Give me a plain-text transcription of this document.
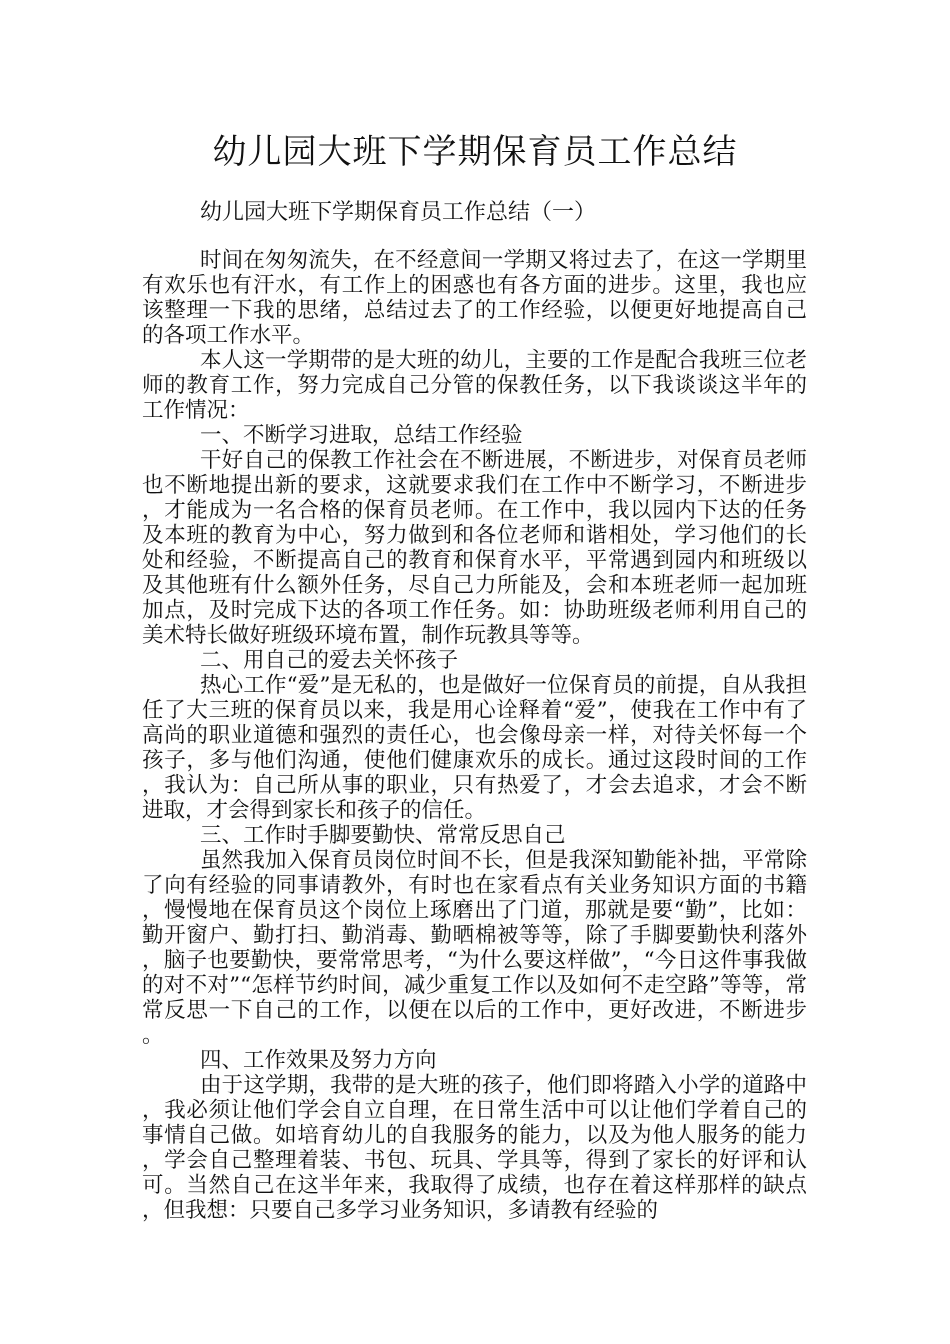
幼儿园大班下学期保育员工作总结
幼儿园大班下学期保育员工作总结（一）

时间在匆匆流失，在不经意间一学期又将过去了，在这一学期里有欢乐也有汗水，有工作上的困惑也有各方面的进步。这里，我也应该整理一下我的思绪，总结过去了的工作经验，以便更好地提高自己的各项工作水平。

本人这一学期带的是大班的幼儿，主要的工作是配合我班三位老师的教育工作，努力完成自己分管的保教任务，以下我谈谈这半年的工作情况：

一、不断学习进取，总结工作经验

干好自己的保教工作社会在不断进展，不断进步，对保育员老师也不断地提出新的要求，这就要求我们在工作中不断学习，不断进步，才能成为一名合格的保育员老师。在工作中，我以园内下达的任务及本班的教育为中心，努力做到和各位老师和谐相处，学习他们的长处和经验，不断提高自己的教育和保育水平，平常遇到园内和班级以及其他班有什么额外任务，尽自己力所能及，会和本班老师一起加班加点，及时完成下达的各项工作任务。如：协助班级老师利用自己的美术特长做好班级环境布置，制作玩教具等等。

二、用自己的爱去关怀孩子

热心工作“爱”是无私的，也是做好一位保育员的前提，自从我担任了大三班的保育员以来，我是用心诠释着“爱”，使我在工作中有了高尚的职业道德和强烈的责任心，也会像母亲一样，对待关怀每一个孩子，多与他们沟通，使他们健康欢乐的成长。通过这段时间的工作，我认为：自己所从事的职业，只有热爱了，才会去追求，才会不断进取，才会得到家长和孩子的信任。

三、工作时手脚要勤快、常常反思自己

虽然我加入保育员岗位时间不长，但是我深知勤能补拙，平常除了向有经验的同事请教外，有时也在家看点有关业务知识方面的书籍，慢慢地在保育员这个岗位上琢磨出了门道，那就是要“勤”，比如：勤开窗户、勤打扫、勤消毒、勤晒棉被等等，除了手脚要勤快利落外，脑子也要勤快，要常常思考，“为什么要这样做”，“今日这件事我做的对不对”“怎样节约时间，减少重复工作以及如何不走空路”等等，常常反思一下自己的工作，以便在以后的工作中，更好改进，不断进步。

四、工作效果及努力方向

由于这学期，我带的是大班的孩子，他们即将踏入小学的道路中，我必须让他们学会自立自理，在日常生活中可以让他们学着自己的事情自己做。如培育幼儿的自我服务的能力，以及为他人服务的能力，学会自己整理着装、书包、玩具、学具等，得到了家长的好评和认可。当然自己在这半年来，我取得了成绩，也存在着这样那样的缺点，但我想：只要自己多学习业务知识，多请教有经验的
